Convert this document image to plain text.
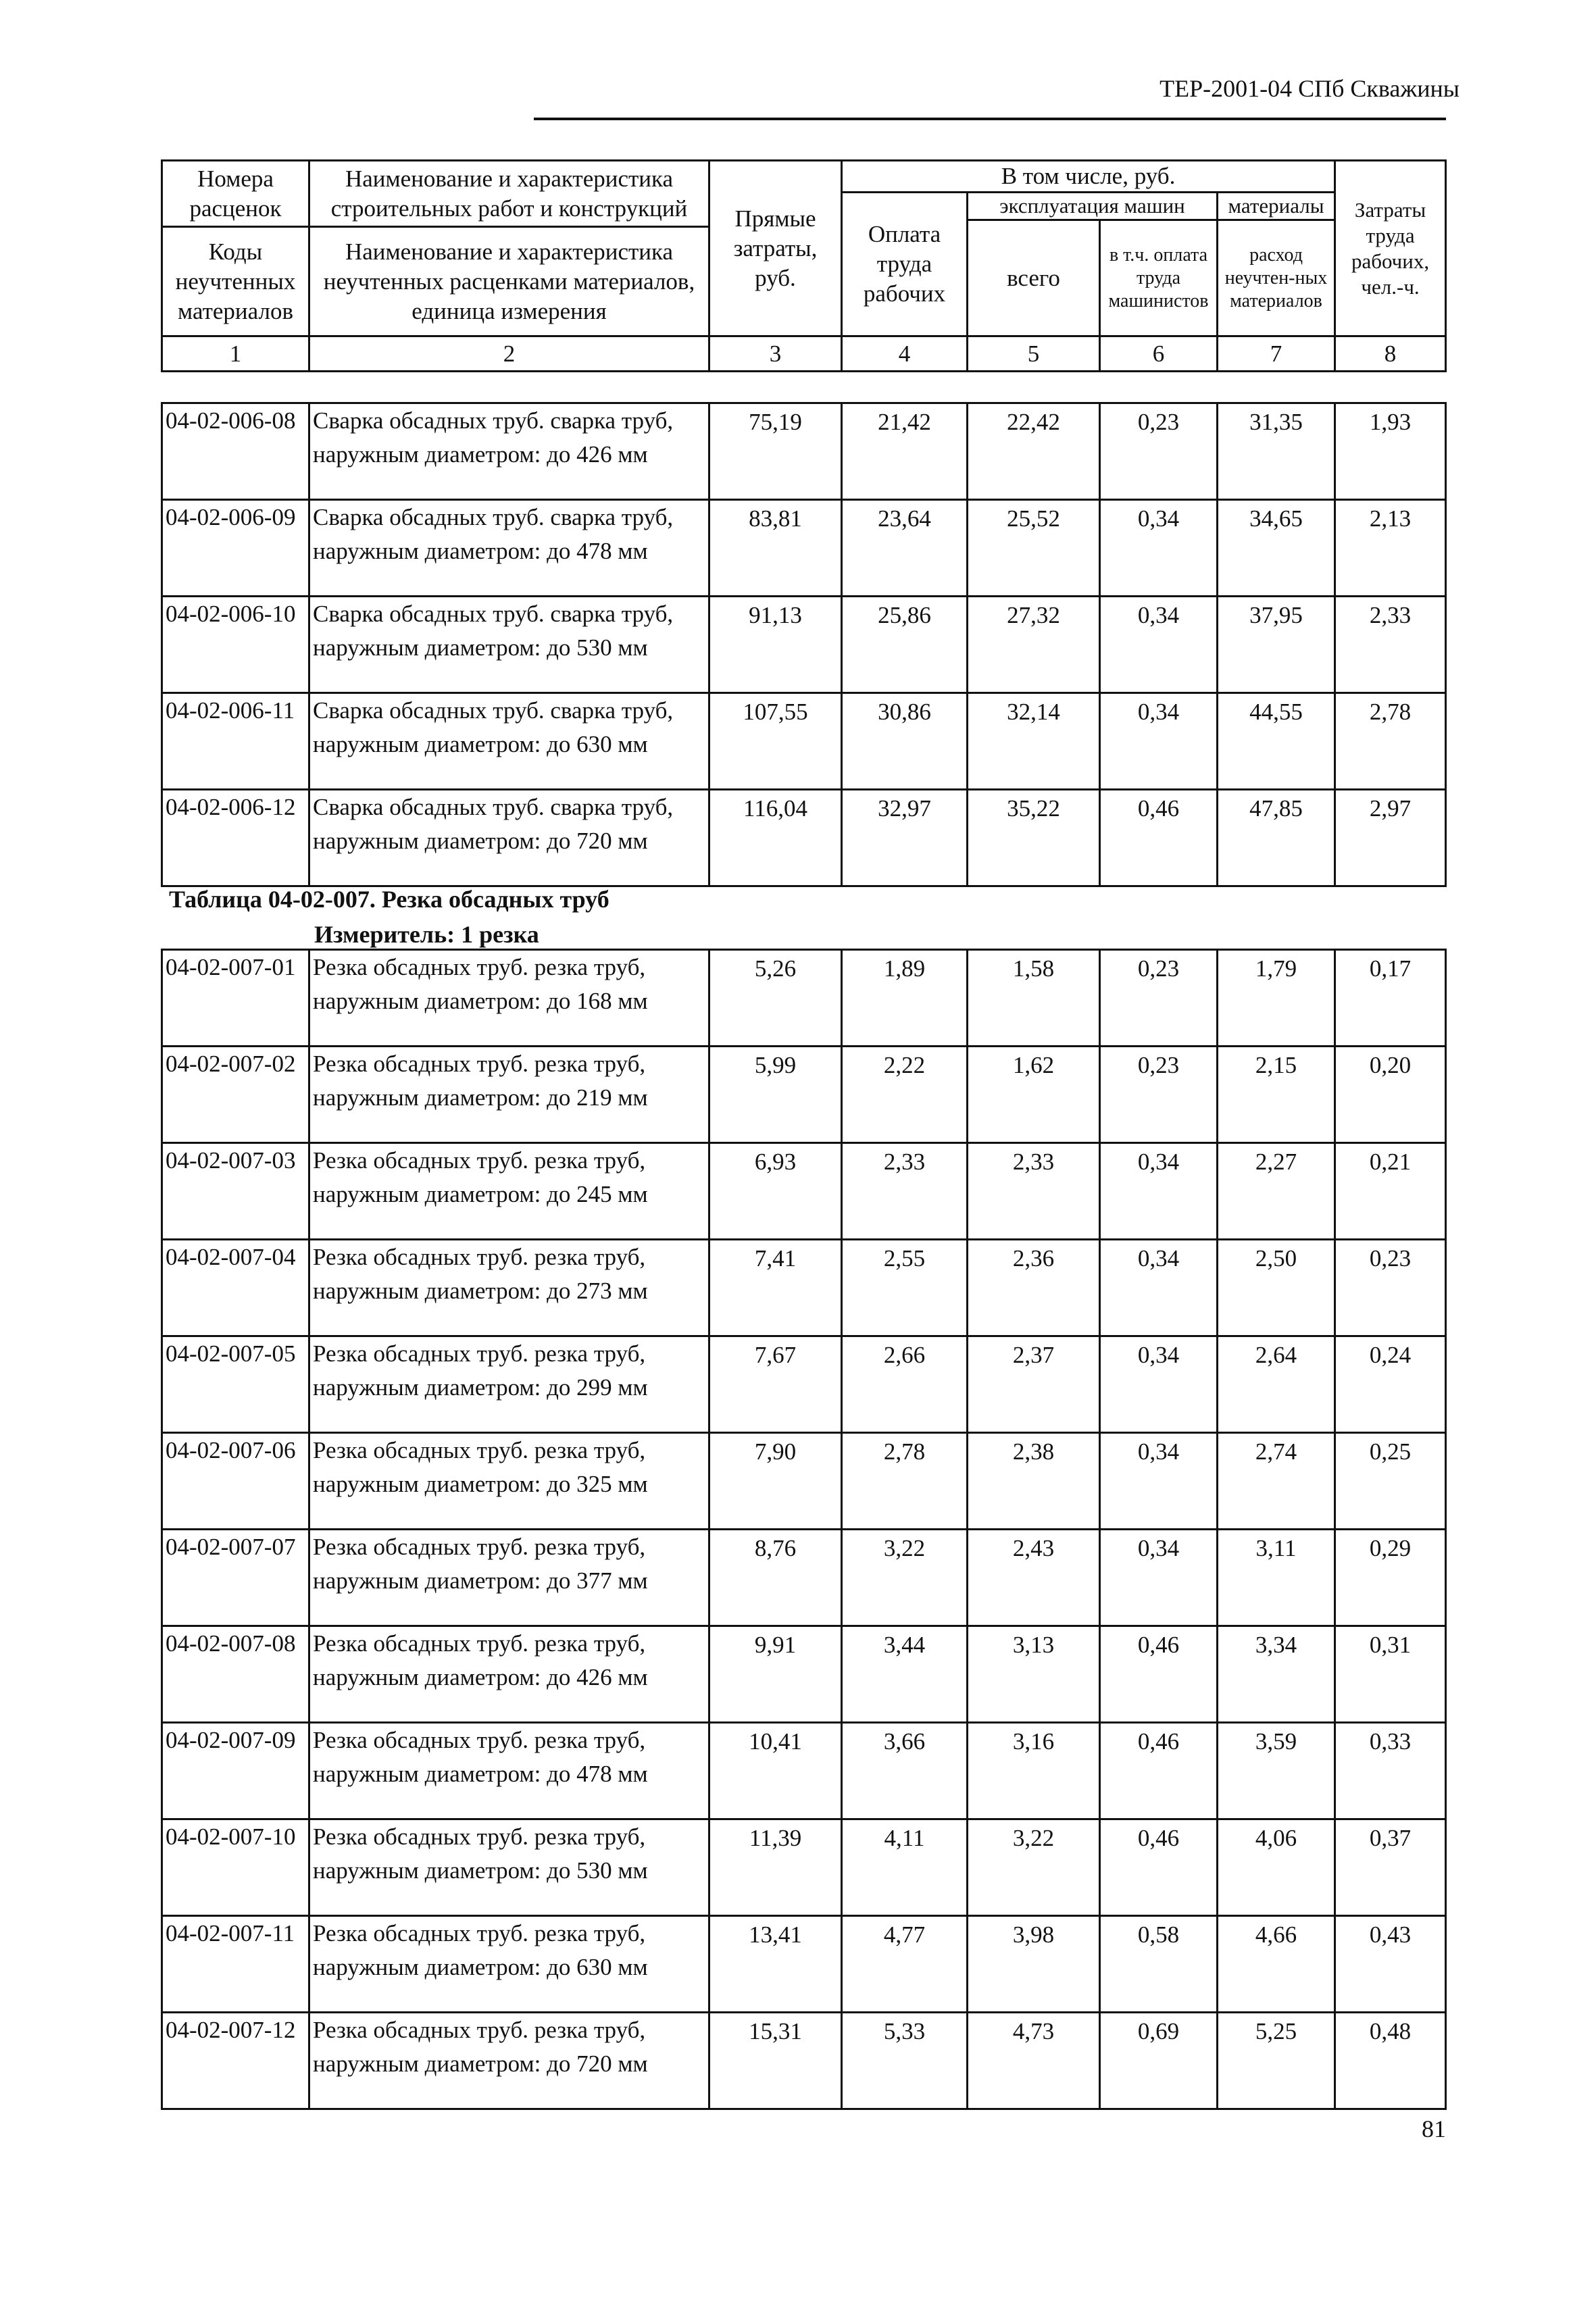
ТЕР-2001-04 СПб Скважины
Номера расценок	Наименование и характеристика строительных работ и конструкций	Прямые затраты, руб.	В том числе, руб.				Затраты труда рабочих, чел.-ч.
			Оплата труда рабочих	эксплуатация машин		материалы	
				всего	в т.ч. оплата труда машинистов	расход неучтен-ных материалов	
Коды неучтенных материалов	Наименование и характеристика неучтенных расценками материалов, единица измерения						
1	2	3	4	5	6	7	8
04-02-006-08	Сварка обсадных труб. сварка труб, наружным диаметром: до 426 мм	75,19	21,42	22,42	0,23	31,35	1,93
04-02-006-09	Сварка обсадных труб. сварка труб, наружным диаметром: до 478 мм	83,81	23,64	25,52	0,34	34,65	2,13
04-02-006-10	Сварка обсадных труб. сварка труб, наружным диаметром: до 530 мм	91,13	25,86	27,32	0,34	37,95	2,33
04-02-006-11	Сварка обсадных труб. сварка труб, наружным диаметром: до 630 мм	107,55	30,86	32,14	0,34	44,55	2,78
04-02-006-12	Сварка обсадных труб. сварка труб, наружным диаметром: до 720 мм	116,04	32,97	35,22	0,46	47,85	2,97
Таблица 04-02-007. Резка обсадных труб
Измеритель: 1 резка
04-02-007-01	Резка обсадных труб. резка труб, наружным диаметром: до 168 мм	5,26	1,89	1,58	0,23	1,79	0,17
04-02-007-02	Резка обсадных труб. резка труб, наружным диаметром: до 219 мм	5,99	2,22	1,62	0,23	2,15	0,20
04-02-007-03	Резка обсадных труб. резка труб, наружным диаметром: до 245 мм	6,93	2,33	2,33	0,34	2,27	0,21
04-02-007-04	Резка обсадных труб. резка труб, наружным диаметром: до 273 мм	7,41	2,55	2,36	0,34	2,50	0,23
04-02-007-05	Резка обсадных труб. резка труб, наружным диаметром: до 299 мм	7,67	2,66	2,37	0,34	2,64	0,24
04-02-007-06	Резка обсадных труб. резка труб, наружным диаметром: до 325 мм	7,90	2,78	2,38	0,34	2,74	0,25
04-02-007-07	Резка обсадных труб. резка труб, наружным диаметром: до 377 мм	8,76	3,22	2,43	0,34	3,11	0,29
04-02-007-08	Резка обсадных труб. резка труб, наружным диаметром: до 426 мм	9,91	3,44	3,13	0,46	3,34	0,31
04-02-007-09	Резка обсадных труб. резка труб, наружным диаметром: до 478 мм	10,41	3,66	3,16	0,46	3,59	0,33
04-02-007-10	Резка обсадных труб. резка труб, наружным диаметром: до 530 мм	11,39	4,11	3,22	0,46	4,06	0,37
04-02-007-11	Резка обсадных труб. резка труб, наружным диаметром: до 630 мм	13,41	4,77	3,98	0,58	4,66	0,43
04-02-007-12	Резка обсадных труб. резка труб, наружным диаметром: до 720 мм	15,31	5,33	4,73	0,69	5,25	0,48
81
